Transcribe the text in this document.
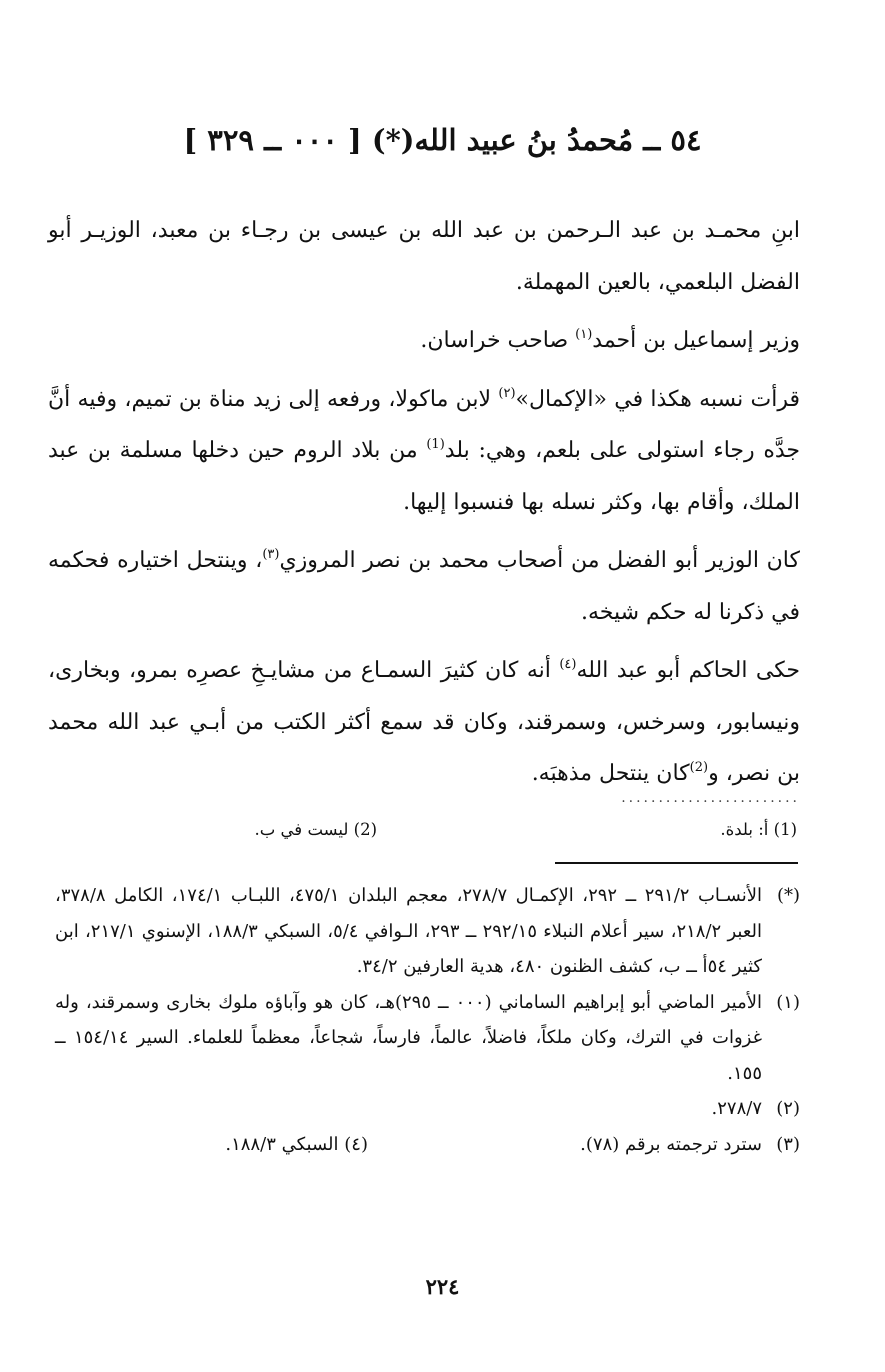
٥٤ ــ مُحمدُ بنُ عبيد الله(*) [ ٠٠٠ ــ ٣٢٩ ]

ابنِ محمـد بن عبد الـرحمن بن عبد الله بن عيسى بن رجـاء بن معبد، الوزيـر أبو الفضل البلعمي، بالعين المهملة.

وزير إسماعيل بن أحمد$^{(١)}$ صاحب خراسان.

قرأت نسبه هكذا في «الإكمال»$^{(٢)}$ لابن ماكولا، ورفعه إلى زيد مناة بن تميم، وفيه أنَّ جدَّه رجاء استولى على بلعم، وهي: بلد$^{(1)}$ من بلاد الروم حين دخلها مسلمة بن عبد الملك، وأقام بها، وكثر نسله بها فنسبوا إليها.

كان الوزير أبو الفضل من أصحاب محمد بن نصر المروزي$^{(٣)}$، وينتحل اختياره فحكمه في ذكرنا له حكم شيخه.

حكى الحاكم أبو عبد الله$^{(٤)}$ أنه كان كثيرَ السمـاع من مشايـخِ عصرِه بمرو، وبخارى، ونيسابور، وسرخس، وسمرقند، وكان قد سمع أكثر الكتب من أبـي عبد الله محمد بن نصر، و$^{(2)}$كان ينتحل مذهبَه.

........................
(1) أ: بلدة.
(2) ليست في ب.
(*)
الأنسـاب ٢٩١/٢ ــ ٢٩٢، الإكمـال ٢٧٨/٧، معجم البلدان ٤٧٥/١، اللبـاب ١٧٤/١، الكامل ٣٧٨/٨، العبر ٢١٨/٢، سير أعلام النبلاء ٢٩٢/١٥ ــ ٢٩٣، الـوافي ٥/٤، السبكي ١٨٨/٣، الإسنوي ٢١٧/١، ابن كثير ٥٤أ ــ ب، كشف الظنون ٤٨٠، هدية العارفين ٣٤/٢.
(١)
الأمير الماضي أبو إبراهيم الساماني (٠٠٠ ــ ٢٩٥)هـ، كان هو وآباؤه ملوك بخارى وسمرقند، وله غزوات في الترك، وكان ملكاً، فاضلاً، عالماً، فارساً، شجاعاً، معظماً للعلماء. السير ١٥٤/١٤ ــ ١٥٥.
(٢)
٢٧٨/٧.
(٣)
سترد ترجمته برقم (٧٨).
(٤) السبكي ١٨٨/٣.
٢٢٤
